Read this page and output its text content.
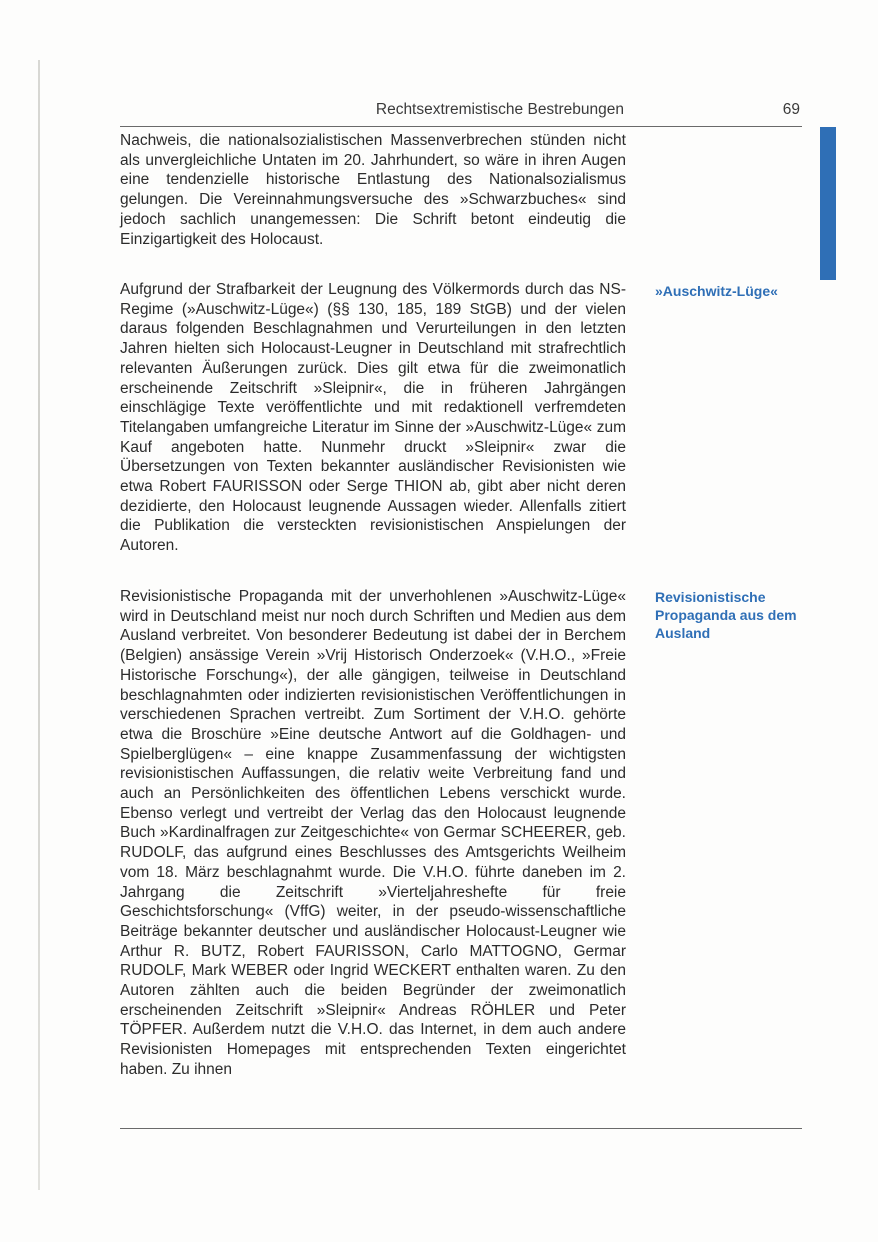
Rechtsextremistische Bestrebungen	69

Nachweis, die nationalsozialistischen Massenverbrechen stünden nicht als unvergleichliche Untaten im 20. Jahrhundert, so wäre in ihren Augen eine tendenzielle historische Entlastung des Nationalsozialismus gelungen. Die Vereinnahmungsversuche des »Schwarzbuches« sind jedoch sachlich unangemessen: Die Schrift betont eindeutig die Einzigartigkeit des Holocaust.

Aufgrund der Strafbarkeit der Leugnung des Völkermords durch das NS-Regime (»Auschwitz-Lüge«) (§§ 130, 185, 189 StGB) und der vielen daraus folgenden Beschlagnahmen und Verurteilungen in den letzten Jahren hielten sich Holocaust-Leugner in Deutschland mit strafrechtlich relevanten Äußerungen zurück. Dies gilt etwa für die zweimonatlich erscheinende Zeitschrift »Sleipnir«, die in früheren Jahrgängen einschlägige Texte veröffentlichte und mit redaktionell verfremdeten Titelangaben umfangreiche Literatur im Sinne der »Auschwitz-Lüge« zum Kauf angeboten hatte. Nunmehr druckt »Sleipnir« zwar die Übersetzungen von Texten bekannter ausländischer Revisionisten wie etwa Robert FAURISSON oder Serge THION ab, gibt aber nicht deren dezidierte, den Holocaust leugnende Aussagen wieder. Allenfalls zitiert die Publikation die versteckten revisionistischen Anspielungen der Autoren.

Revisionistische Propaganda mit der unverhohlenen »Auschwitz-Lüge« wird in Deutschland meist nur noch durch Schriften und Medien aus dem Ausland verbreitet. Von besonderer Bedeutung ist dabei der in Berchem (Belgien) ansässige Verein »Vrij Historisch Onderzoek« (V.H.O., »Freie Historische Forschung«), der alle gängigen, teilweise in Deutschland beschlagnahmten oder indizierten revisionistischen Veröffentlichungen in verschiedenen Sprachen vertreibt. Zum Sortiment der V.H.O. gehörte etwa die Broschüre »Eine deutsche Antwort auf die Goldhagen- und Spielberglügen« – eine knappe Zusammenfassung der wichtigsten revisionistischen Auffassungen, die relativ weite Verbreitung fand und auch an Persönlichkeiten des öffentlichen Lebens verschickt wurde. Ebenso verlegt und vertreibt der Verlag das den Holocaust leugnende Buch »Kardinalfragen zur Zeitgeschichte« von Germar SCHEERER, geb. RUDOLF, das aufgrund eines Beschlusses des Amtsgerichts Weilheim vom 18. März beschlagnahmt wurde. Die V.H.O. führte daneben im 2. Jahrgang die Zeitschrift »Vierteljahreshefte für freie Geschichtsforschung« (VffG) weiter, in der pseudo-wissenschaftliche Beiträge bekannter deutscher und ausländischer Holocaust-Leugner wie Arthur R. BUTZ, Robert FAURISSON, Carlo MATTOGNO, Germar RUDOLF, Mark WEBER oder Ingrid WECKERT enthalten waren. Zu den Autoren zählten auch die beiden Begründer der zweimonatlich erscheinenden Zeitschrift »Sleipnir« Andreas RÖHLER und Peter TÖPFER. Außerdem nutzt die V.H.O. das Internet, in dem auch andere Revisionisten Homepages mit entsprechenden Texten eingerichtet haben. Zu ihnen

»Auschwitz-Lüge«

Revisionistische Propaganda aus dem Ausland
